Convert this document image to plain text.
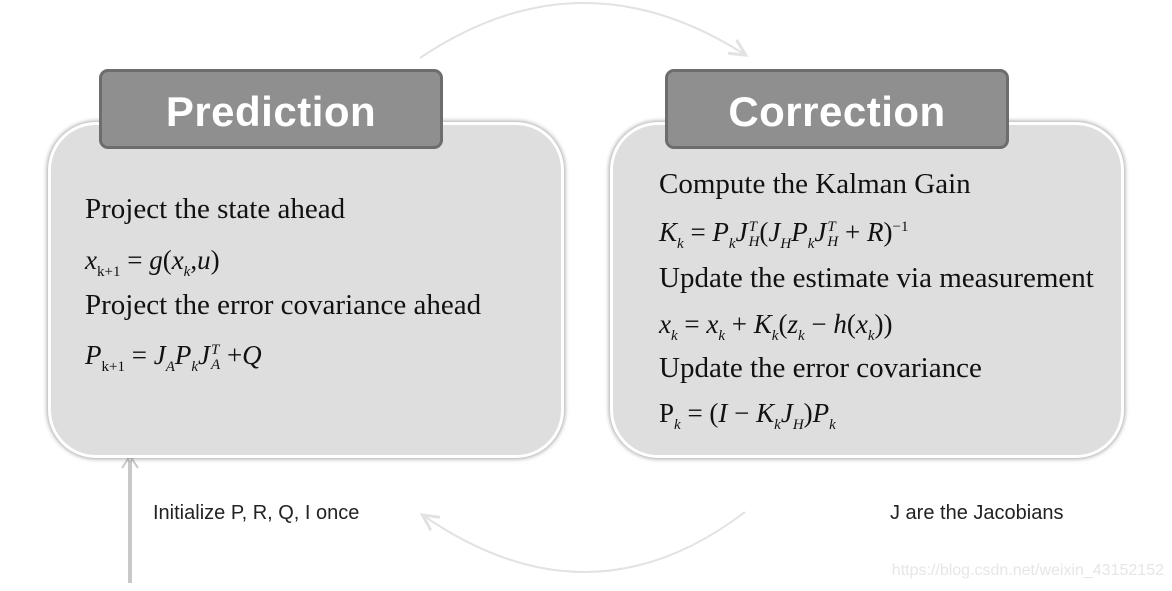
Prediction	Correction
Project the state ahead
$x_{k+1} = g(x_k,u)$
Project the error covariance ahead
$P_{k+1} = J_AP_kJ$ T
A +Q
Compute the Kalman Gain
$K_k = P_kJ$ T
H ($J_HP_kJ$ T
H + R)$^{-1}$
Update the estimate via measurement
$x_k = x_k + K_k(z_k - h(x_k))$
Update the error covariance
$P_k = (I - K_kJ_H)P_k$
Initialize P, R, Q, I once	J are the Jacobians
https://blog.csdn.net/weixin_43152152
